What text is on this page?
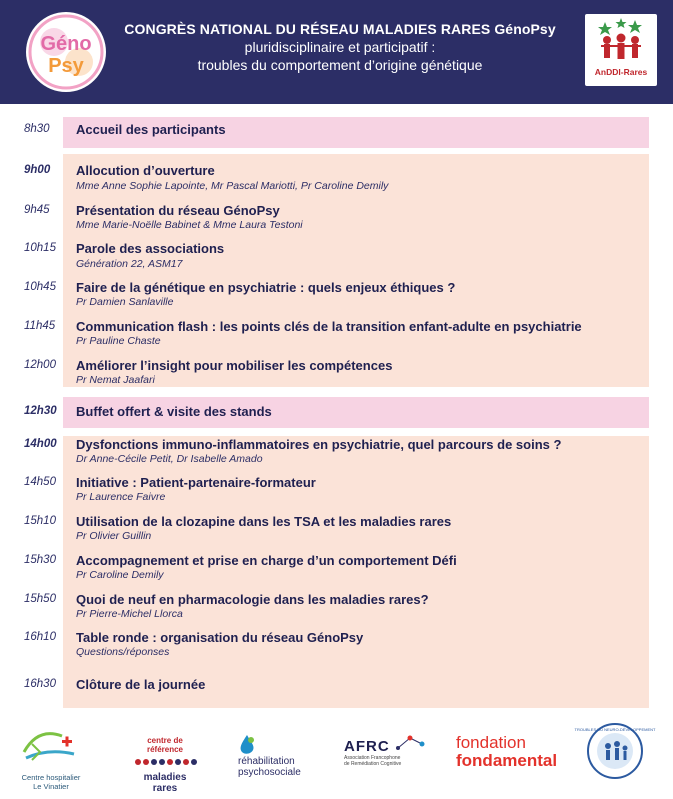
Géno
Psy
CONGRÈS NATIONAL DU RÉSEAU MALADIES RARES GénoPsy
pluridisciplinaire et participatif :
troubles du comportement d’origine génétique	AnDDI-Rares
8h30	Accueil des participants
9h00	Allocution d’ouverture
Mme Anne Sophie Lapointe, Mr Pascal Mariotti, Pr Caroline Demily
9h45	Présentation du réseau GénoPsy
Mme Marie-Noëlle Babinet & Mme Laura Testoni
10h15	Parole des associations
Génération 22, ASM17
10h45	Faire de la génétique en psychiatrie : quels enjeux éthiques ?
Pr Damien Sanlaville
11h45	Communication flash : les points clés de la transition enfant-adulte en psychiatrie
Pr Pauline Chaste
12h00	Améliorer l’insight pour mobiliser les compétences
Pr Nemat Jaafari
12h30	Buffet offert & visite des stands
14h00	Dysfonctions immuno-inflammatoires en psychiatrie, quel parcours de soins ?
Dr Anne-Cécile Petit, Dr Isabelle Amado
14h50	Initiative : Patient-partenaire-formateur
Pr Laurence Faivre
15h10	Utilisation de la clozapine dans les TSA et les maladies rares
Pr Olivier Guillin
15h30	Accompagnement et prise en charge d’un comportement Défi
Pr Caroline Demily
15h50	Quoi de neuf en pharmacologie dans les maladies rares?
Pr Pierre-Michel Llorca
16h10	Table ronde : organisation du réseau GénoPsy
Questions/réponses
16h30	Clôture de la journée
Centre hospitalier
Le Vinatier
centre de référence
maladies rares
réhabilitation
psychosociale
AFRC
Association Francophone
de Remédiation Cognitive
fondation
fondamental
TROUBLES DU NEURO-DÉVELOPPEMENT
